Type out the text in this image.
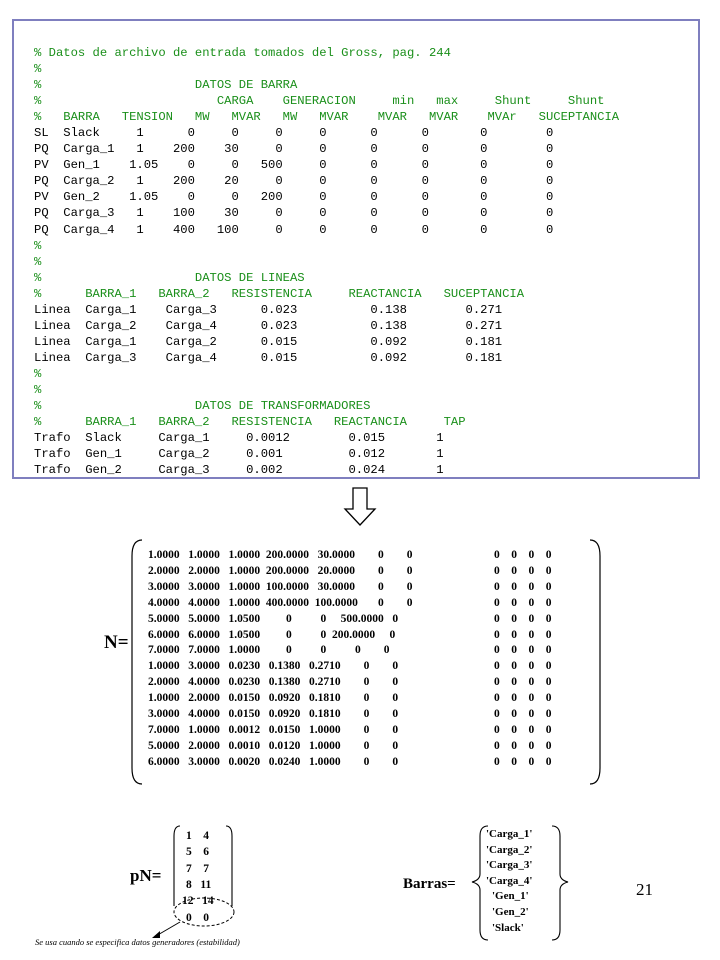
% Datos de archivo de entrada tomados del Gross, pag. 244
%
%                     DATOS DE BARRA
%                        CARGA    GENERACION     min   max     Shunt     Shunt
%   BARRA   TENSION   MW   MVAR   MW   MVAR    MVAR   MVAR    MVAr   SUCEPTANCIA
SL  Slack     1      0     0     0     0      0      0       0        0
PQ  Carga_1   1    200    30     0     0      0      0       0        0
PV  Gen_1    1.05    0     0   500     0      0      0       0        0
PQ  Carga_2   1    200    20     0     0      0      0       0        0
PV  Gen_2    1.05    0     0   200     0      0      0       0        0
PQ  Carga_3   1    100    30     0     0      0      0       0        0
PQ  Carga_4   1    400   100     0     0      0      0       0        0
%
%
%                     DATOS DE LINEAS
%      BARRA_1   BARRA_2   RESISTENCIA     REACTANCIA   SUCEPTANCIA
Linea  Carga_1    Carga_3      0.023          0.138        0.271
Linea  Carga_2    Carga_4      0.023          0.138        0.271
Linea  Carga_1    Carga_2      0.015          0.092        0.181
Linea  Carga_3    Carga_4      0.015          0.092        0.181
%
%
%                     DATOS DE TRANSFORMADORES
%      BARRA_1   BARRA_2   RESISTENCIA   REACTANCIA     TAP
Trafo  Slack     Carga_1     0.0012        0.015       1
Trafo  Gen_1     Carga_2     0.001         0.012       1
Trafo  Gen_2     Carga_3     0.002         0.024       1
N=
1.0000   1.0000   1.0000  200.0000   30.0000        0        0	0    0    0    0
2.0000   2.0000   1.0000  200.0000   20.0000        0        0	0    0    0    0
3.0000   3.0000   1.0000  100.0000   30.0000        0        0	0    0    0    0
4.0000   4.0000   1.0000  400.0000  100.0000       0        0	0    0    0    0
5.0000   5.0000   1.0500         0          0     500.0000   0	0    0    0    0
6.0000   6.0000   1.0500         0          0  200.0000     0	0    0    0    0
7.0000   7.0000   1.0000         0          0          0        0	0    0    0    0
1.0000   3.0000   0.0230   0.1380   0.2710        0        0	0    0    0    0
2.0000   4.0000   0.0230   0.1380   0.2710        0        0	0    0    0    0
1.0000   2.0000   0.0150   0.0920   0.1810        0        0	0    0    0    0
3.0000   4.0000   0.0150   0.0920   0.1810        0        0	0    0    0    0
7.0000   1.0000   0.0012   0.0150   1.0000        0        0	0    0    0    0
5.0000   2.0000   0.0010   0.0120   1.0000        0        0	0    0    0    0
6.0000   3.0000   0.0020   0.0240   1.0000        0        0	0    0    0    0
pN=
1    4
5    6
7    7
8   11
12   14
0    0
Se usa cuando se especifica datos generadores (estabilidad)
Barras=
'Carga_1'
'Carga_2'
'Carga_3'
'Carga_4'
'Gen_1'
'Gen_2'
'Slack'
21
